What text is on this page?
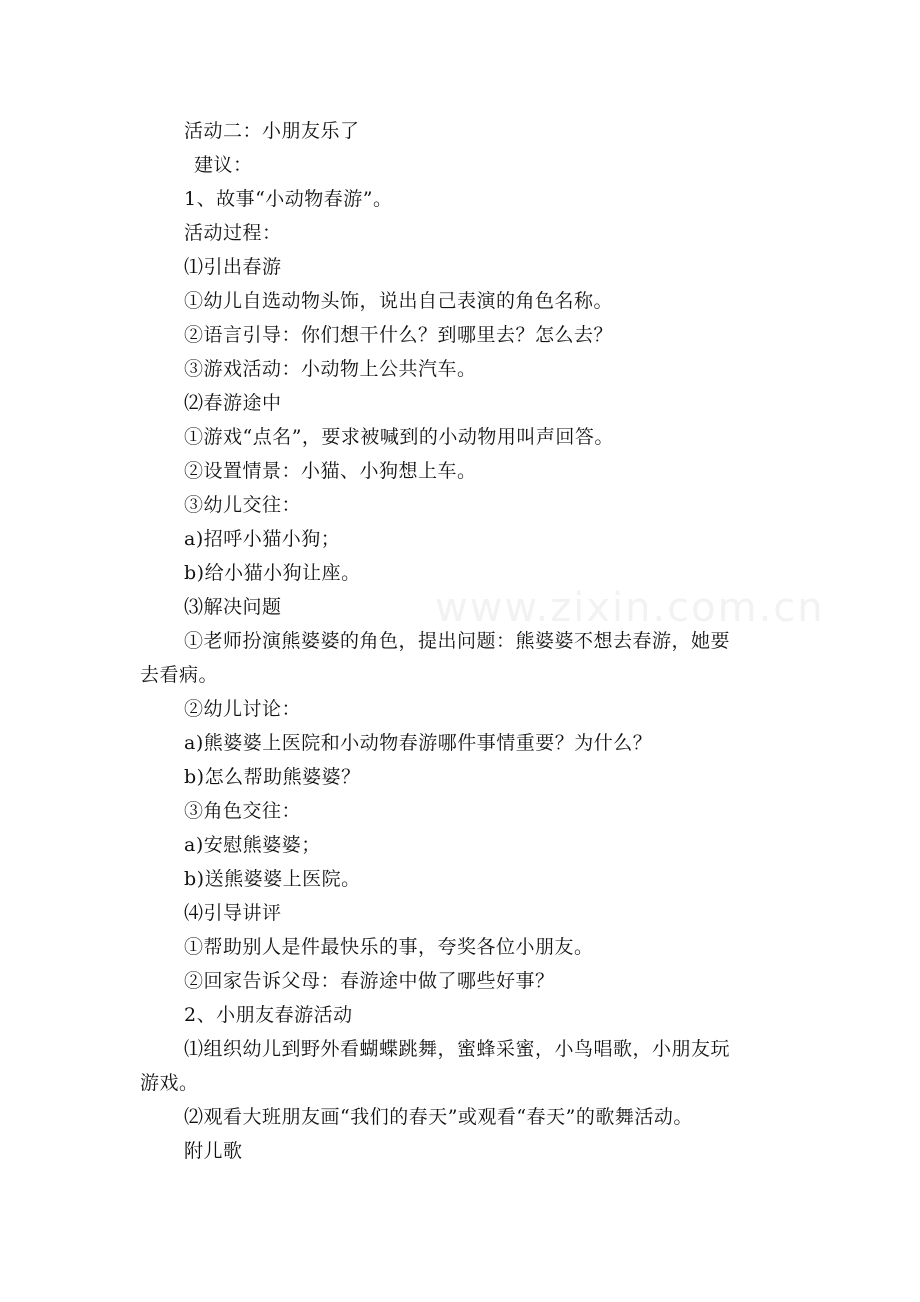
www.zixin.com.cn
活动二：小朋友乐了
建议：
1、故事“小动物春游”。
活动过程：
⑴引出春游
①幼儿自选动物头饰，说出自己表演的角色名称。
②语言引导：你们想干什么？到哪里去？怎么去？
③游戏活动：小动物上公共汽车。
⑵春游途中
①游戏“点名”，要求被喊到的小动物用叫声回答。
②设置情景：小猫、小狗想上车。
③幼儿交往：
a)招呼小猫小狗；
b)给小猫小狗让座。
⑶解决问题
①老师扮演熊婆婆的角色，提出问题：熊婆婆不想去春游，她要
去看病。
②幼儿讨论：
a)熊婆婆上医院和小动物春游哪件事情重要？为什么？
b)怎么帮助熊婆婆？
③角色交往：
a)安慰熊婆婆；
b)送熊婆婆上医院。
⑷引导讲评
①帮助别人是件最快乐的事，夸奖各位小朋友。
②回家告诉父母：春游途中做了哪些好事？
2、小朋友春游活动
⑴组织幼儿到野外看蝴蝶跳舞，蜜蜂采蜜，小鸟唱歌，小朋友玩
游戏。
⑵观看大班朋友画“我们的春天”或观看“春天”的歌舞活动。
附儿歌
